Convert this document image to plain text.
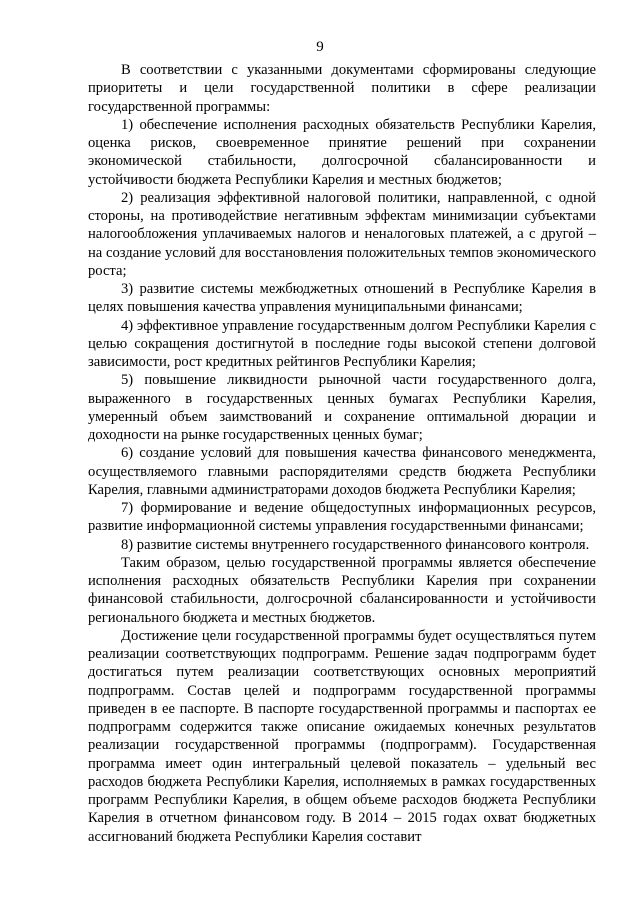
9

В соответствии с указанными документами сформированы следующие приоритеты и цели государственной политики в сфере реализации государственной программы:

1) обеспечение исполнения расходных обязательств Республики Карелия, оценка рисков, своевременное принятие решений при сохранении экономической стабильности, долгосрочной сбалансированности и устойчивости бюджета Республики Карелия и местных бюджетов;

2) реализация эффективной налоговой политики, направленной, с одной стороны, на противодействие негативным эффектам минимизации субъектами налогообложения уплачиваемых налогов и неналоговых платежей, а с другой – на создание условий для восстановления положительных темпов экономического роста;

3) развитие системы межбюджетных отношений в Республике Карелия в целях повышения качества управления муниципальными финансами;

4) эффективное управление государственным долгом Республики Карелия с целью сокращения достигнутой в последние годы высокой степени долговой зависимости, рост кредитных рейтингов Республики Карелия;

5) повышение ликвидности рыночной части государственного долга, выраженного в государственных ценных бумагах Республики Карелия, умеренный объем заимствований и сохранение оптимальной дюрации и доходности на рынке государственных ценных бумаг;

6) создание условий для повышения качества финансового менеджмента, осуществляемого главными распорядителями средств бюджета Республики Карелия, главными администраторами доходов бюджета Республики Карелия;

7) формирование и ведение общедоступных информационных ресурсов, развитие информационной системы управления государственными финансами;

8) развитие системы внутреннего государственного финансового контроля.

Таким образом, целью государственной программы является обеспечение исполнения расходных обязательств Республики Карелия при сохранении финансовой стабильности, долгосрочной сбалансированности и устойчивости регионального бюджета и местных бюджетов.

Достижение цели государственной программы будет осуществляться путем реализации соответствующих подпрограмм. Решение задач подпрограмм будет достигаться путем реализации соответствующих основных мероприятий подпрограмм. Состав целей и подпрограмм государственной программы приведен в ее паспорте. В паспорте государственной программы и паспортах ее подпрограмм содержится также описание ожидаемых конечных результатов реализации государственной программы (подпрограмм). Государственная программа имеет один интегральный целевой показатель – удельный вес расходов бюджета Республики Карелия, исполняемых в рамках государственных программ Республики Карелия, в общем объеме расходов бюджета Республики Карелия в отчетном финансовом году. В 2014 – 2015 годах охват бюджетных ассигнований бюджета Республики Карелия составит
